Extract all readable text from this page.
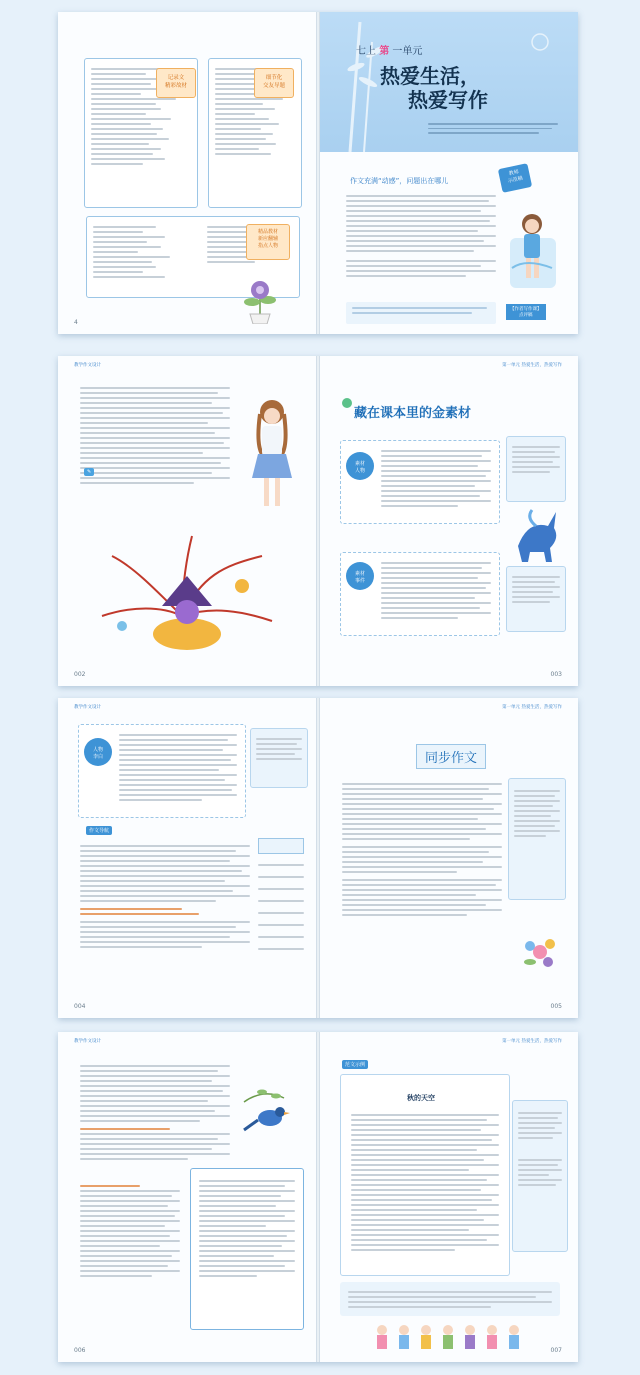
记录文
精彩故材
细节化
交友导题
精品教材
新应翻辅
指点人物
4
七上 第 一单元
热爱生活，
热爱写作
作文充满“动感”，问题出在哪儿
教师
示范稿
【作者写作课】
点评稿
教学作文设计
✎
002
第一单元 热爱生活，热爱写作
藏在课本里的金素材
素材
人物
素材
事件
003
教学作文设计
人物
李白
作文导航
004
第一单元 热爱生活，热爱写作
同步作文
005
教学作文设计
006
第一单元 热爱生活，热爱写作
范文示例
秋的天空
007
